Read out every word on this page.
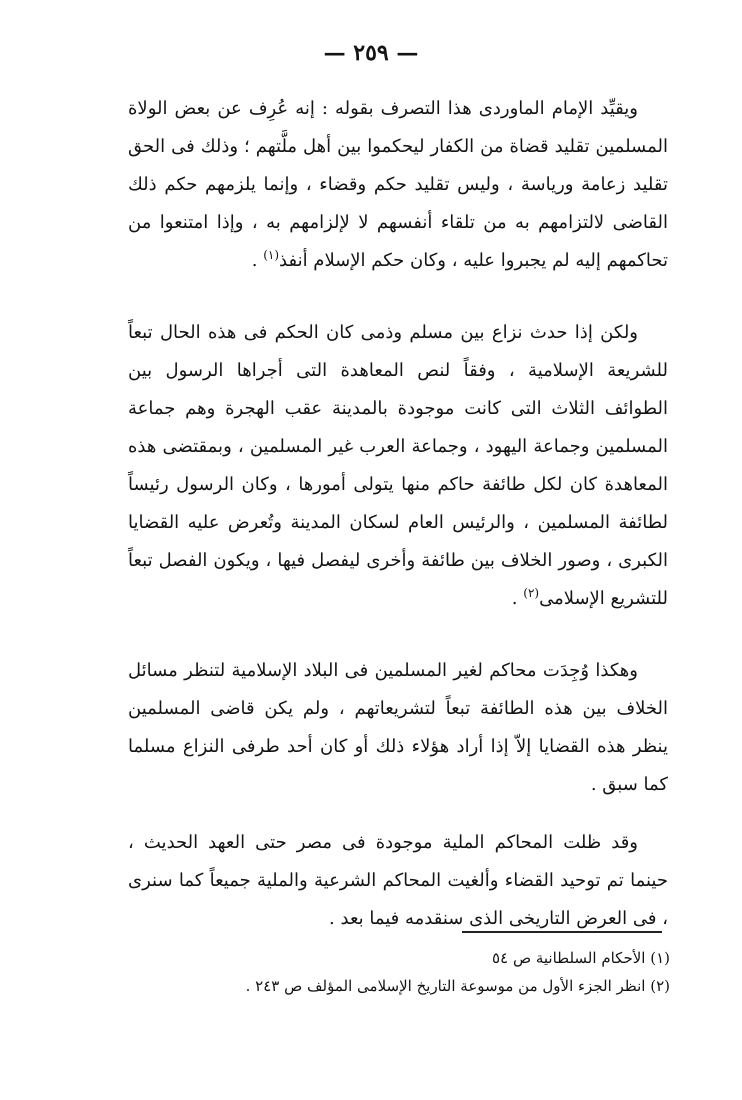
— ٢٥٩ —

ويقيِّد الإمام الماوردى هذا التصرف بقوله : إنه عُرِف عن بعض الولاة المسلمين تقليد قضاة من الكفار ليحكموا بين أهل ملَّتهم ؛ وذلك فى الحق تقليد زعامة ورياسة ، وليس تقليد حكم وقضاء ، وإنما يلزمهم حكم ذلك القاضى لالتزامهم به من تلقاء أنفسهم لا لإلزامهم به ، وإذا امتنعوا من تحاكمهم إليه لم يجبروا عليه ، وكان حكم الإسلام أنفذ$^{(١)}$ .

ولكن إذا حدث نزاع بين مسلم وذمى كان الحكم فى هذه الحال تبعاً للشريعة الإسلامية ، وفقاً لنص المعاهدة التى أجراها الرسول بين الطوائف الثلاث التى كانت موجودة بالمدينة عقب الهجرة وهم جماعة المسلمين وجماعة اليهود ، وجماعة العرب غير المسلمين ، وبمقتضى هذه المعاهدة كان لكل طائفة حاكم منها يتولى أمورها ، وكان الرسول رئيساً لطائفة المسلمين ، والرئيس العام لسكان المدينة وتُعرض عليه القضايا الكبرى ، وصور الخلاف بين طائفة وأخرى ليفصل فيها ، ويكون الفصل تبعاً للتشريع الإسلامى$^{(٢)}$ .

وهكذا وُجِدَت محاكم لغير المسلمين فى البلاد الإسلامية لتنظر مسائل الخلاف بين هذه الطائفة تبعاً لتشريعاتهم ، ولم يكن قاضى المسلمين ينظر هذه القضايا إلاّ إذا أراد هؤلاء ذلك أو كان أحد طرفى النزاع مسلما كما سبق .

وقد ظلت المحاكم الملية موجودة فى مصر حتى العهد الحديث ، حينما تم توحيد القضاء وألغيت المحاكم الشرعية والملية جميعاً كما سنرى ، فى العرض التاريخى الذى سنقدمه فيما بعد .

(١) الأحكام السلطانية ص ٥٤

(٢) انظر الجزء الأول من موسوعة التاريخ الإسلامى المؤلف ص ٢٤٣ .
